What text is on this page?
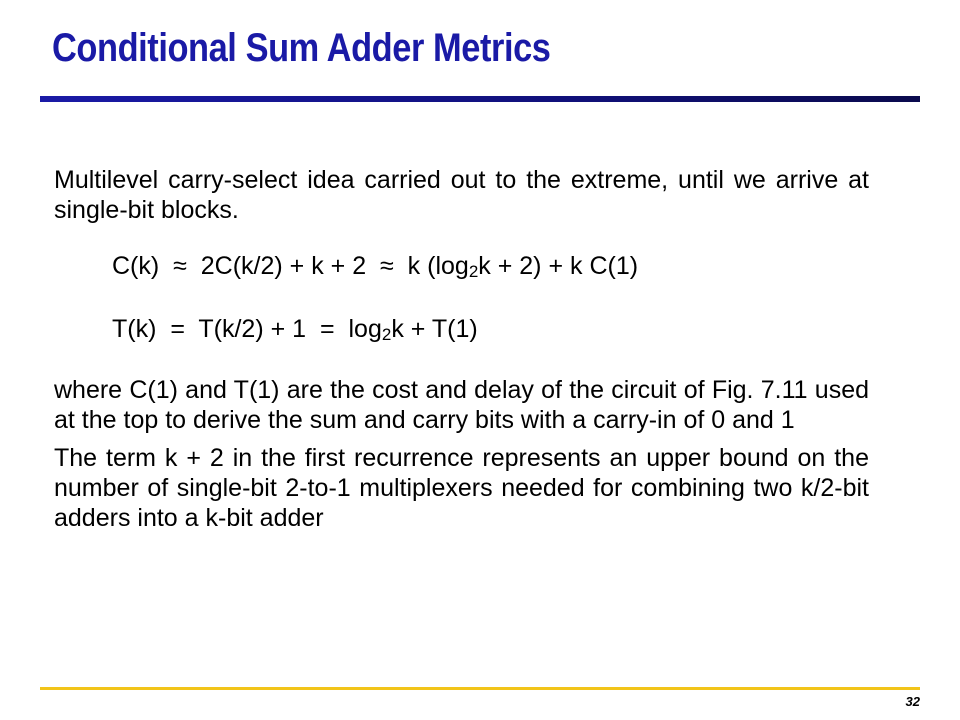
Conditional Sum Adder Metrics

Multilevel carry-select idea carried out to the extreme, until we arrive at single-bit blocks.

C(k) ≈ 2C(k/2) + k + 2 ≈ k $(\log_2k + 2) + k$ C(1)
$T(k) = T(k/2) + 1 = \log_2k + T(1)$

where C(1) and T(1) are the cost and delay of the circuit of Fig. 7.11 used at the top to derive the sum and carry bits with a carry-in of 0 and 1

The term k + 2 in the first recurrence represents an upper bound on the number of single-bit 2-to-1 multiplexers needed for combining two k/2-bit adders into a k-bit adder

32
